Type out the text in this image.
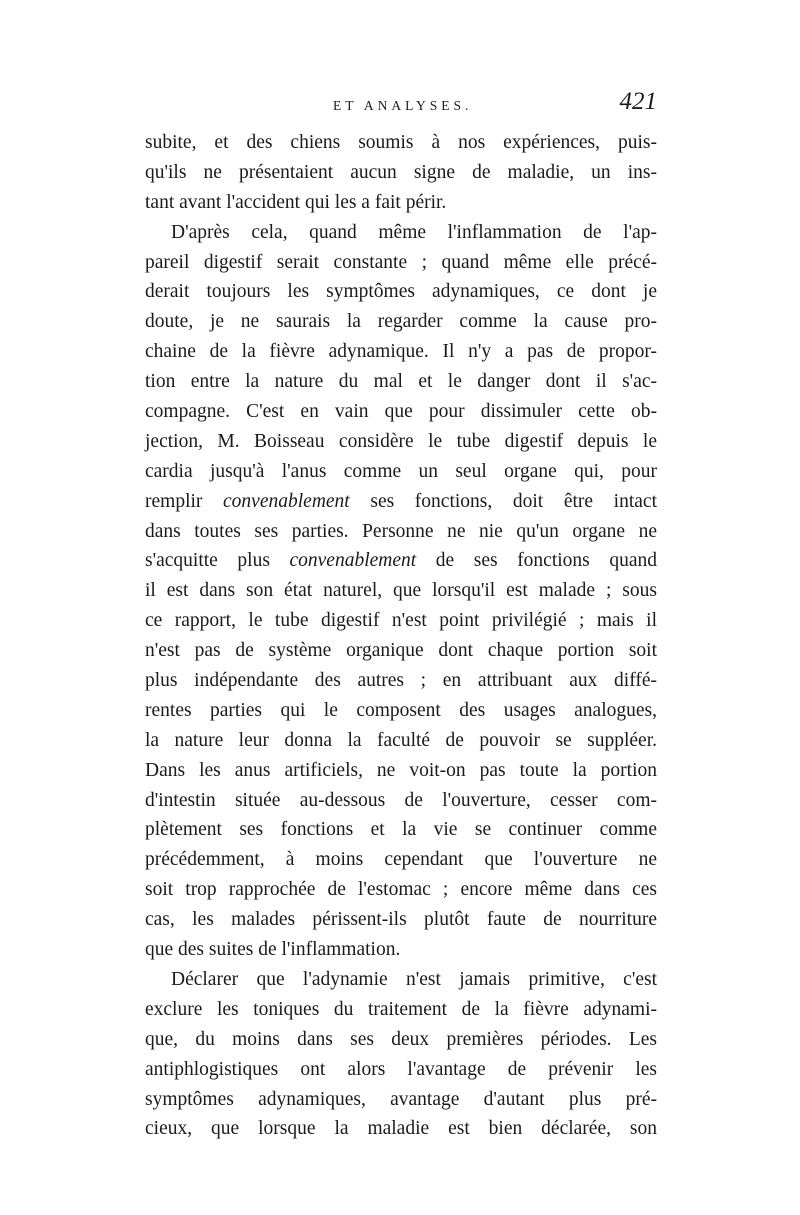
ET ANALYSES.	421
subite, et des chiens soumis à nos expériences, puis-
qu'ils ne présentaient aucun signe de maladie, un ins-
tant avant l'accident qui les a fait périr.
D'après cela, quand même l'inflammation de l'ap-
pareil digestif serait constante ; quand même elle précé-
derait toujours les symptômes adynamiques, ce dont je
doute, je ne saurais la regarder comme la cause pro-
chaine de la fièvre adynamique. Il n'y a pas de propor-
tion entre la nature du mal et le danger dont il s'ac-
compagne. C'est en vain que pour dissimuler cette ob-
jection, M. Boisseau considère le tube digestif depuis le
cardia jusqu'à l'anus comme un seul organe qui, pour
remplir convenablement ses fonctions, doit être intact
dans toutes ses parties. Personne ne nie qu'un organe ne
s'acquitte plus convenablement de ses fonctions quand
il est dans son état naturel, que lorsqu'il est malade ; sous
ce rapport, le tube digestif n'est point privilégié ; mais il
n'est pas de système organique dont chaque portion soit
plus indépendante des autres ; en attribuant aux diffé-
rentes parties qui le composent des usages analogues,
la nature leur donna la faculté de pouvoir se suppléer.
Dans les anus artificiels, ne voit-on pas toute la portion
d'intestin située au-dessous de l'ouverture, cesser com-
plètement ses fonctions et la vie se continuer comme
précédemment, à moins cependant que l'ouverture ne
soit trop rapprochée de l'estomac ; encore même dans ces
cas, les malades périssent-ils plutôt faute de nourriture
que des suites de l'inflammation.
Déclarer que l'adynamie n'est jamais primitive, c'est
exclure les toniques du traitement de la fièvre adynami-
que, du moins dans ses deux premières périodes. Les
antiphlogistiques ont alors l'avantage de prévenir les
symptômes adynamiques, avantage d'autant plus pré-
cieux, que lorsque la maladie est bien déclarée, son
